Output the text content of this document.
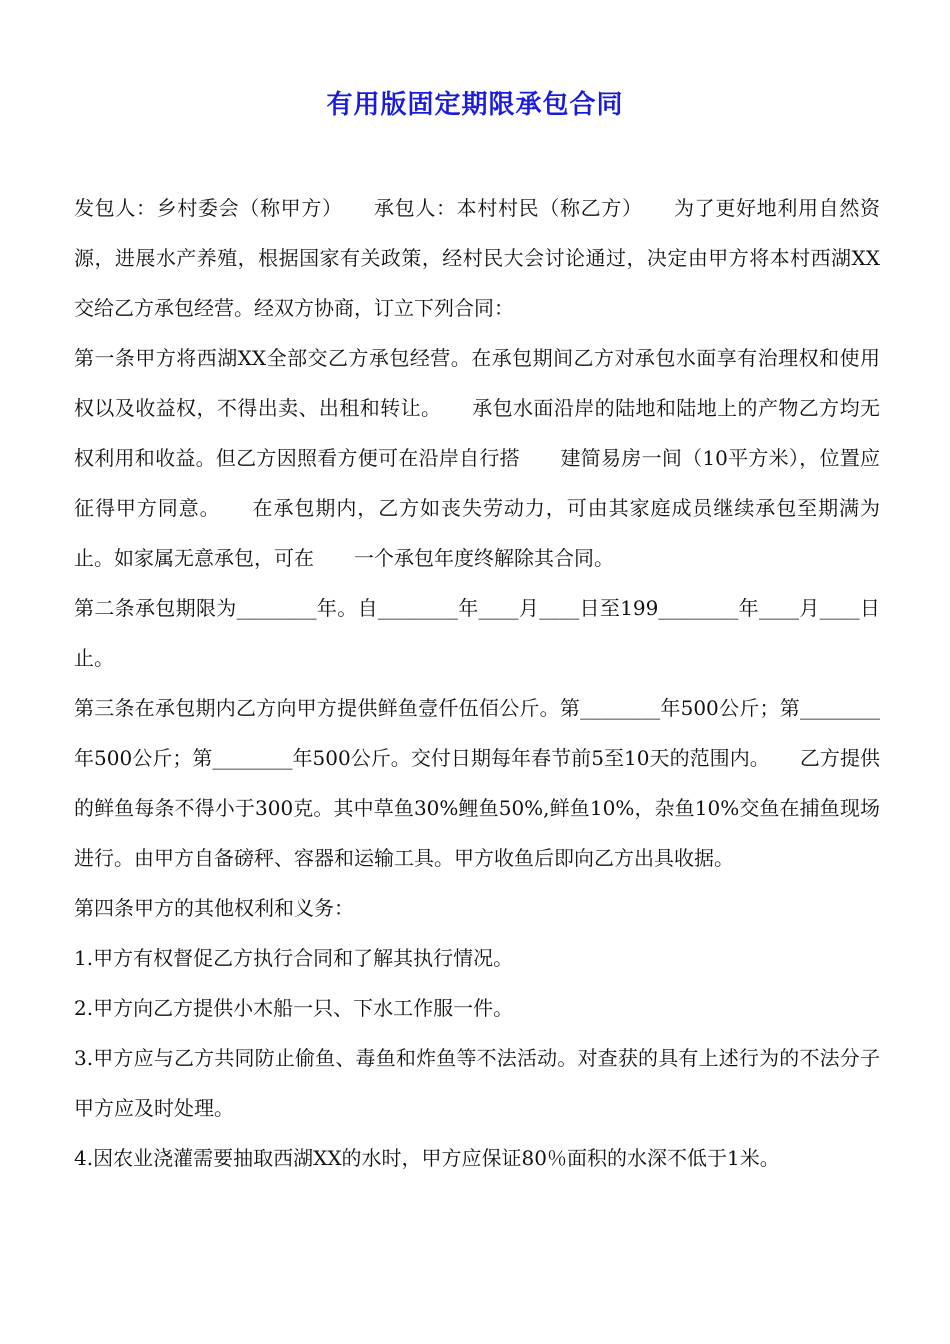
有用版固定期限承包合同

发包人：乡村委会（称甲方）　　承包人：本村村民（称乙方）　　为了更好地利用自然资源，进展水产养殖，根据国家有关政策，经村民大会讨论通过，决定由甲方将本村西湖XX交给乙方承包经营。经双方协商，订立下列合同：

第一条甲方将西湖XX全部交乙方承包经营。在承包期间乙方对承包水面享有治理权和使用权以及收益权，不得出卖、出租和转让。　　承包水面沿岸的陆地和陆地上的产物乙方均无权利用和收益。但乙方因照看方便可在沿岸自行搭　　建简易房一间（10平方米），位置应征得甲方同意。　　在承包期内，乙方如丧失劳动力，可由其家庭成员继续承包至期满为止。如家属无意承包，可在　　一个承包年度终解除其合同。

第二条承包期限为________年。自________年____月____日至199________年____月____日止。

第三条在承包期内乙方向甲方提供鲜鱼壹仟伍佰公斤。第________年500公斤；第________年500公斤；第________年500公斤。交付日期每年春节前5至10天的范围内。　　乙方提供的鲜鱼每条不得小于300克。其中草鱼30%鲤鱼50%,鲜鱼10%，杂鱼10%交鱼在捕鱼现场进行。由甲方自备磅秤、容器和运输工具。甲方收鱼后即向乙方出具收据。

第四条甲方的其他权利和义务：

1.甲方有权督促乙方执行合同和了解其执行情况。

2.甲方向乙方提供小木船一只、下水工作服一件。

3.甲方应与乙方共同防止偷鱼、毒鱼和炸鱼等不法活动。对查获的具有上述行为的不法分子甲方应及时处理。

4.因农业浇灌需要抽取西湖XX的水时，甲方应保证80％面积的水深不低于1米。
